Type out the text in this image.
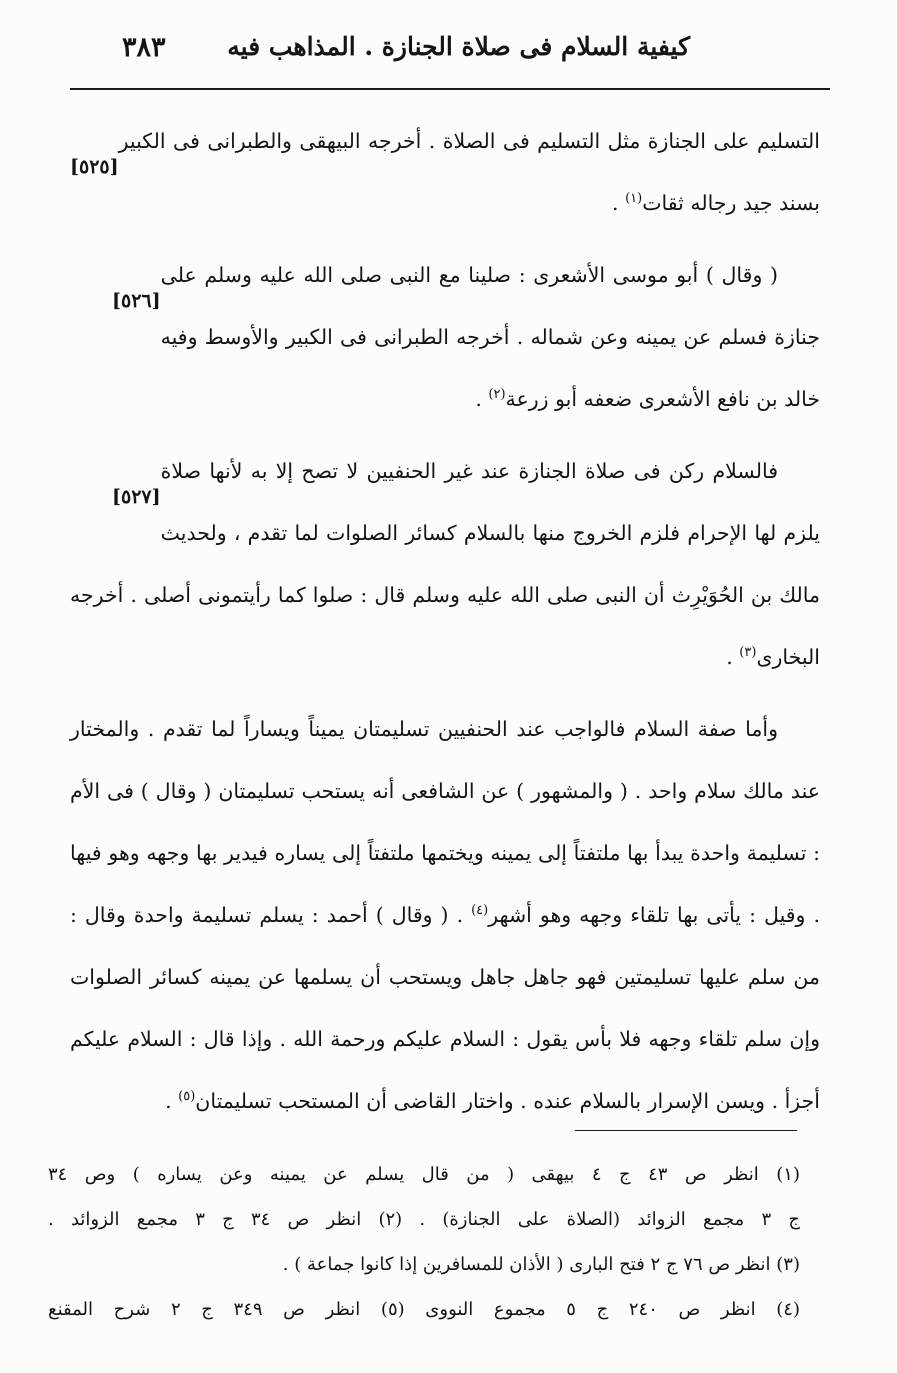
٣٨٣ كيفية السلام فى صلاة الجنازة . المذاهب فيه

[٥٢٥]
التسليم على الجنازة مثل التسليم فى الصلاة . أخرجه البيهقى والطبرانى فى الكبير بسند جيد رجاله ثقات$^{(١)}$ .

[٥٢٦]
( وقال ) أبو موسى الأشعرى : صلينا مع النبى صلى الله عليه وسلم على جنازة فسلم عن يمينه وعن شماله . أخرجه الطبرانى فى الكبير والأوسط وفيه خالد بن نافع الأشعرى ضعفه أبو زرعة$^{(٢)}$ .

[٥٢٧]
فالسلام ركن فى صلاة الجنازة عند غير الحنفيين لا تصح إلا به لأنها صلاة يلزم لها الإحرام فلزم الخروج منها بالسلام كسائر الصلوات لما تقدم ، ولحديث مالك بن الحُوَيْرِث أن النبى صلى الله عليه وسلم قال : صلوا كما رأيتمونى أصلى . أخرجه البخارى$^{(٣)}$ .

وأما صفة السلام فالواجب عند الحنفيين تسليمتان يميناً ويساراً لما تقدم . والمختار عند مالك سلام واحد . ( والمشهور ) عن الشافعى أنه يستحب تسليمتان ( وقال ) فى الأم : تسليمة واحدة يبدأ بها ملتفتاً إلى يمينه ويختمها ملتفتاً إلى يساره فيدير بها وجهه وهو فيها . وقيل : يأتى بها تلقاء وجهه وهو أشهر$^{(٤)}$ . ( وقال ) أحمد : يسلم تسليمة واحدة وقال : من سلم عليها تسليمتين فهو جاهل جاهل ويستحب أن يسلمها عن يمينه كسائر الصلوات وإن سلم تلقاء وجهه فلا بأس يقول : السلام عليكم ورحمة الله . وإذا قال : السلام عليكم أجزأ . ويسن الإسرار بالسلام عنده . واختار القاضى أن المستحب تسليمتان$^{(٥)}$ .

(١) انظر ص ٤٣ ج ٤ بيهقى ( من قال يسلم عن يمينه وعن يساره ) وص ٣٤
ج ٣ مجمع الزوائد (الصلاة على الجنازة) . (٢) انظر ص ٣٤ ج ٣ مجمع الزوائد .
(٣) انظر ص ٧٦ ج ٢ فتح البارى ( الأذان للمسافرين إذا كانوا جماعة ) .
(٤) انظر ص ٢٤٠ ج ٥ مجموع النووى (٥) انظر ص ٣٤٩ ج ٢ شرح المقنع
